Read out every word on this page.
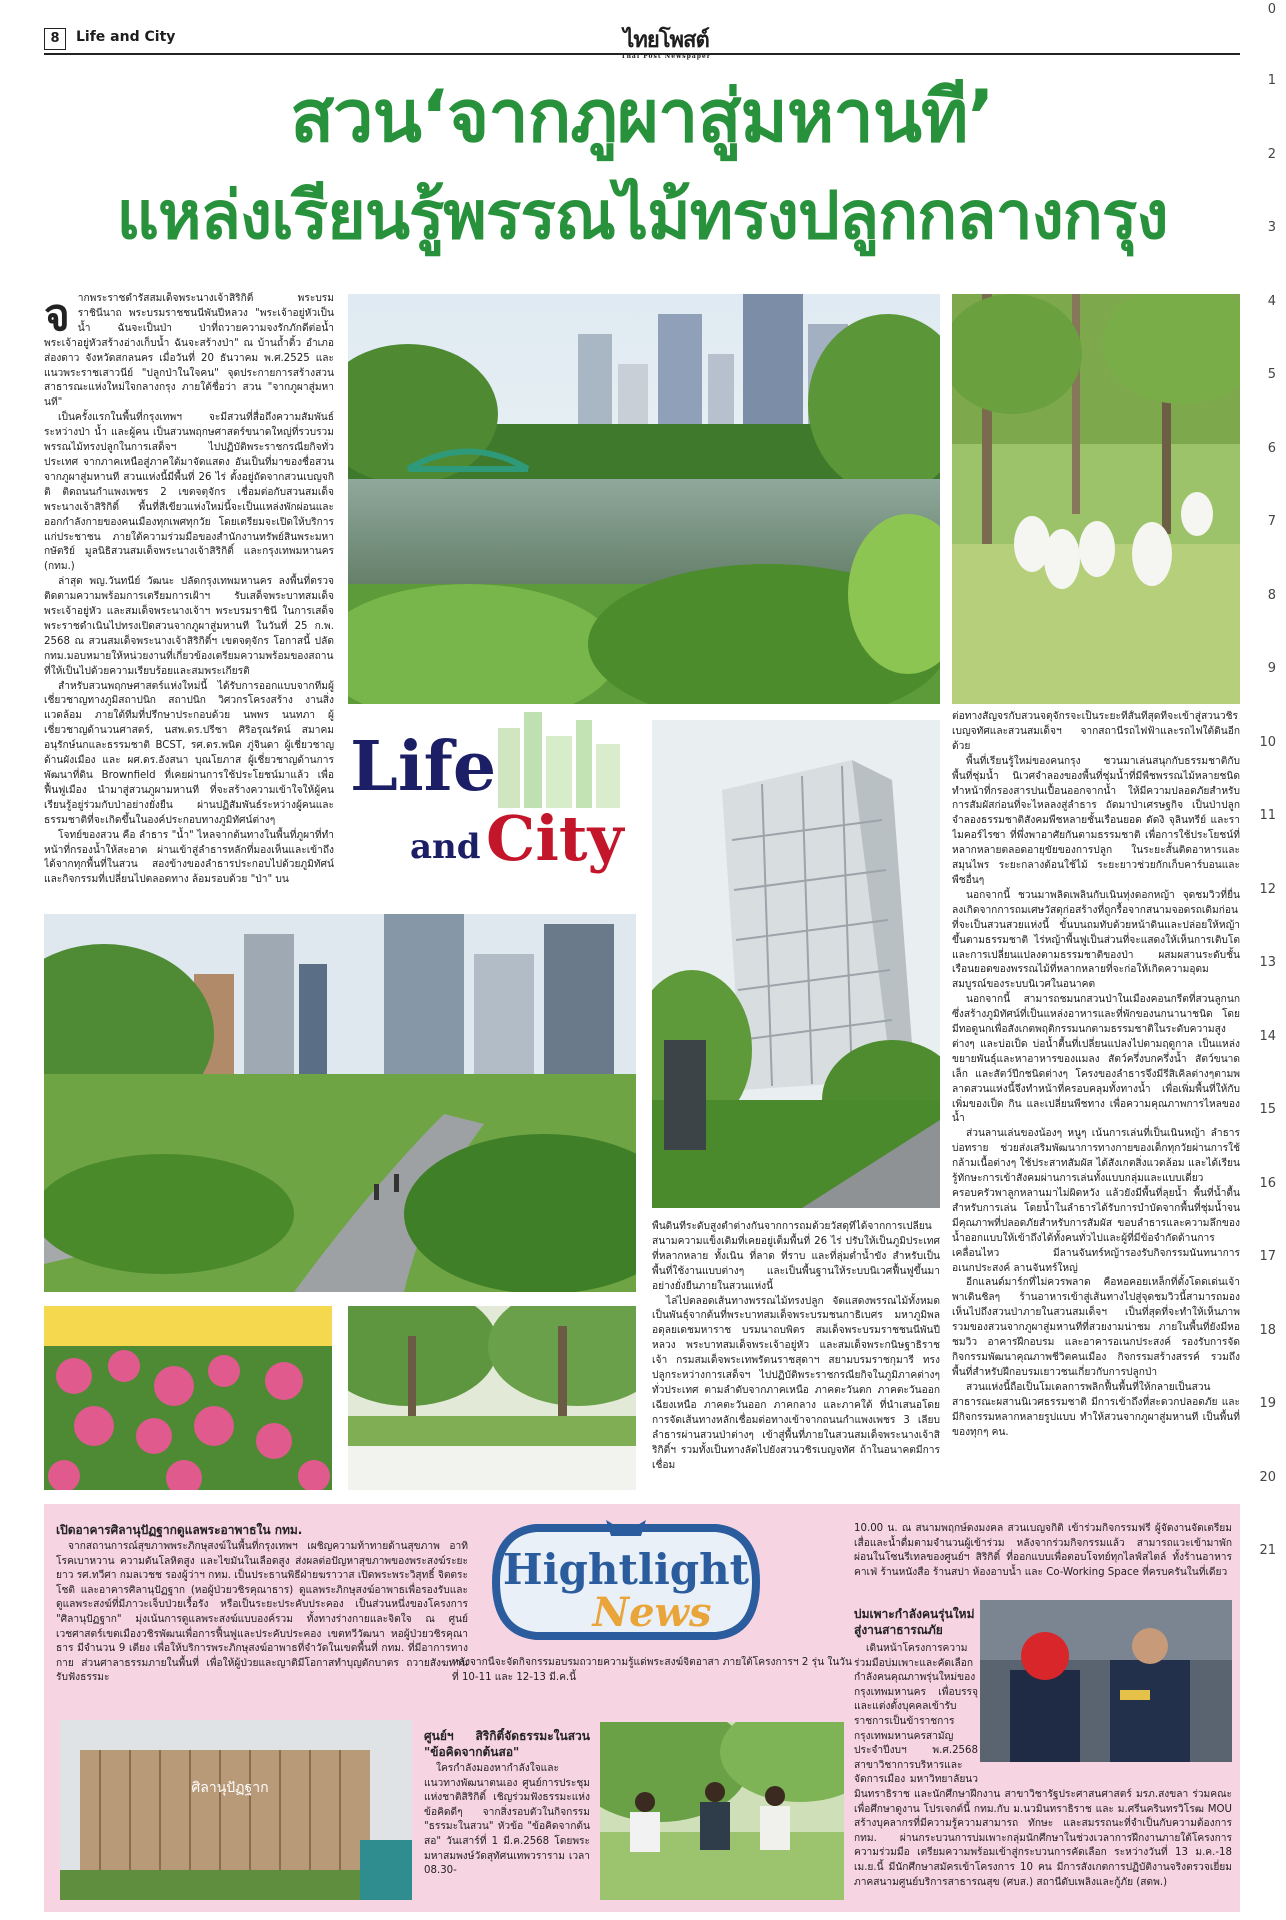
0
1
2
3
4
5
6
7
8
9
10
11
12
13
14
15
16
17
18
19
20
21
8	Life and City	ไทยโพสต์
Thai Post Newspaper
สวน‘จากภูผาสู่มหานที’
แหล่งเรียนรู้พรรณไม้ทรงปลูกกลางกรุง

จากพระราชดำรัสสมเด็จพระนางเจ้าสิริกิติ์ พระบรมราชินีนาถ พระบรมราชชนนีพันปีหลวง "พระเจ้าอยู่หัวเป็นน้ำ ฉันจะเป็นป่า ป่าที่ถวายความจงรักภักดีต่อน้ำพระเจ้าอยู่หัวสร้างอ่างเก็บน้ำ ฉันจะสร้างป่า" ณ บ้านถ้ำติ้ว อำเภอส่องดาว จังหวัดสกลนคร เมื่อวันที่ 20 ธันวาคม พ.ศ.2525 และแนวพระราชเสาวนีย์ "ปลูกป่าในใจคน" จุดประกายการสร้างสวนสาธารณะแห่งใหม่ใจกลางกรุง ภายใต้ชื่อว่า สวน "จากภูผาสู่มหานที"

เป็นครั้งแรกในพื้นที่กรุงเทพฯ จะมีสวนที่สื่อถึงความสัมพันธ์ระหว่างป่า น้ำ และผู้คน เป็นสวนพฤกษศาสตร์ขนาดใหญ่ที่รวบรวมพรรณไม้ทรงปลูกในการเสด็จฯ ไปปฏิบัติพระราชกรณียกิจทั่วประเทศ จากภาคเหนือสู่ภาคใต้มาจัดแสดง อันเป็นที่มาของชื่อสวนจากภูผาสู่มหานที สวนแห่งนี้มีพื้นที่ 26 ไร่ ตั้งอยู่ถัดจากสวนเบญจกิติ ติดถนนกำแพงเพชร 2 เขตจตุจักร เชื่อมต่อกับสวนสมเด็จพระนางเจ้าสิริกิติ์ พื้นที่สีเขียวแห่งใหม่นี้จะเป็นแหล่งพักผ่อนและออกกำลังกายของคนเมืองทุกเพศทุกวัย โดยเตรียมจะเปิดให้บริการแก่ประชาชน ภายใต้ความร่วมมือของสำนักงานทรัพย์สินพระมหากษัตริย์ มูลนิธิสวนสมเด็จพระนางเจ้าสิริกิติ์ และกรุงเทพมหานคร (กทม.)

ล่าสุด พญ.วันทนีย์ วัฒนะ ปลัดกรุงเทพมหานคร ลงพื้นที่ตรวจติดตามความพร้อมการเตรียมการเฝ้าฯ รับเสด็จพระบาทสมเด็จพระเจ้าอยู่หัว และสมเด็จพระนางเจ้าฯ พระบรมราชินี ในการเสด็จพระราชดำเนินไปทรงเปิดสวนจากภูผาสู่มหานที ในวันที่ 25 ก.พ. 2568 ณ สวนสมเด็จพระนางเจ้าสิริกิติ์ฯ เขตจตุจักร โอกาสนี้ ปลัด กทม.มอบหมายให้หน่วยงานที่เกี่ยวข้องเตรียมความพร้อมของสถานที่ให้เป็นไปด้วยความเรียบร้อยและสมพระเกียรติ

สำหรับสวนพฤกษศาสตร์แห่งใหม่นี้ ได้รับการออกแบบจากทีมผู้เชี่ยวชาญทางภูมิสถาปนิก สถาปนิก วิศวกรโครงสร้าง งานสิ่งแวดล้อม ภายใต้ทีมที่ปรึกษาประกอบด้วย นพพร นนทภา ผู้เชี่ยวชาญด้านวนศาสตร์, นสพ.ดร.ปรีชา ศิริอรุณรัตน์ สมาคมอนุรักษ์นกและธรรมชาติ BCST, รศ.ดร.พนิต ภู่จินดา ผู้เชี่ยวชาญด้านผังเมือง และ ผศ.ดร.อังสนา บุณโยภาส ผู้เชี่ยวชาญด้านการพัฒนาที่ดิน Brownfield ที่เคยผ่านการใช้ประโยชน์มาแล้ว เพื่อฟื้นฟูเมือง นำมาสู่สวนภูผามหานที ที่จะสร้างความเข้าใจให้ผู้คนเรียนรู้อยู่ร่วมกับป่าอย่างยั่งยืน ผ่านปฏิสัมพันธ์ระหว่างผู้คนและธรรมชาติที่จะเกิดขึ้นในองค์ประกอบทางภูมิทัศน์ต่างๆ

โจทย์ของสวน คือ ลำธาร "น้ำ" ไหลจากต้นทางในพื้นที่ภูผาที่ทำหน้าที่กรองน้ำให้สะอาด ผ่านเข้าสู่ลำธารหลักที่มองเห็นและเข้าถึงได้จากทุกพื้นที่ในสวน สองข้างของลำธารประกอบไปด้วยภูมิทัศน์และกิจกรรมที่เปลี่ยนไปตลอดทาง ล้อมรอบด้วย "ป่า" บน

Life
and City

พื้นดินที่ระดับสูงต่ำต่างกันจากการถมด้วยวัสดุที่ได้จากการเปลี่ยนสนามความแข็งเดิมที่เคยอยู่เต็มพื้นที่ 26 ไร่ ปรับให้เป็นภูมิประเทศที่หลากหลาย ทั้งเนิน ที่ลาด ที่ราบ และที่ลุ่มต่ำน้ำขัง สำหรับเป็นพื้นที่ใช้งานแบบต่างๆ และเป็นพื้นฐานให้ระบบนิเวศฟื้นฟูขึ้นมาอย่างยั่งยืนภายในสวนแห่งนี้

ไล่ไปตลอดเส้นทางพรรณไม้ทรงปลูก จัดแสดงพรรณไม้ทั้งหมดเป็นพันธุ์จากต้นที่พระบาทสมเด็จพระบรมชนกาธิเบศร มหาภูมิพลอดุลยเดชมหาราช บรมนาถบพิตร สมเด็จพระบรมราชชนนีพันปีหลวง พระบาทสมเด็จพระเจ้าอยู่หัว และสมเด็จพระกนิษฐาธิราชเจ้า กรมสมเด็จพระเทพรัตนราชสุดาฯ สยามบรมราชกุมารี ทรงปลูกระหว่างการเสด็จฯ ไปปฏิบัติพระราชกรณียกิจในภูมิภาคต่างๆ ทั่วประเทศ ตามลำดับจากภาคเหนือ ภาคตะวันตก ภาคตะวันออกเฉียงเหนือ ภาคตะวันออก ภาคกลาง และภาคใต้ ที่นำเสนอโดยการจัดเส้นทางหลักเชื่อมต่อทางเข้าจากถนนกำแพงเพชร 3 เลียบลำธารผ่านสวนป่าต่างๆ เข้าสู่พื้นที่ภายในสวนสมเด็จพระนางเจ้าสิริกิติ์ฯ รวมทั้งเป็นทางลัดไปยังสวนวชิรเบญจทัศ ถ้าในอนาคตมีการเชื่อม

ต่อทางสัญจรกับสวนจตุจักรจะเป็นระยะที่สั้นที่สุดที่จะเข้าสู่สวนวชิรเบญจทัศและสวนสมเด็จฯ จากสถานีรถไฟฟ้าและรถไฟใต้ดินอีกด้วย

พื้นที่เรียนรู้ใหม่ของคนกรุง ชวนมาเล่นสนุกกับธรรมชาติกับพื้นที่ชุ่มน้ำ นิเวศจำลองของพื้นที่ชุ่มน้ำที่มีพืชพรรณไม้หลายชนิดทำหน้าที่กรองสารปนเปื้อนออกจากน้ำ ให้มีความปลอดภัยสำหรับการสัมผัสก่อนที่จะไหลลงสู่ลำธาร ถัดมาป่าเศรษฐกิจ เป็นป่าปลูกจำลองธรรมชาติสังคมพืชหลายชั้นเรือนยอด ดัดงิ จุลินทรีย์ และราไมคอร์ไรซา ที่พึ่งพาอาศัยกันตามธรรมชาติ เพื่อการใช้ประโยชน์ที่หลากหลายตลอดอายุขัยของการปลูก ในระยะสั้นติดอาหารและสมุนไพร ระยะกลางต้อนใช้ไม้ ระยะยาวช่วยกักเก็บคาร์บอนและพืชอื่นๆ

นอกจากนี้ ชวนมาพลิดเพลินกับเนินทุ่งดอกหญ้า จุดชมวิวที่ยื่นลงเกิดจากการถมเศษวัสดุก่อสร้างที่ถูกรื้อจากสนามจอดรถเดิมก่อนที่จะเป็นสวนสวยแห่งนี้ ขั้นบนถมทับด้วยหน้าดินและปล่อยให้หญ้าขึ้นตามธรรมชาติ ไร่หญ้าพื้นฟูเป็นส่วนที่จะแสดงให้เห็นการเติบโตและการเปลี่ยนแปลงตามธรรมชาติของป่า ผสมผสานระดับชั้นเรือนยอดของพรรณไม้ที่หลากหลายที่จะก่อให้เกิดความอุดมสมบูรณ์ของระบบนิเวศในอนาคต

นอกจากนี้ สามารถชมนกสวนป่าในเมืองคอนกรีตที่สวนลูกนก ซึ่งสร้างภูมิทัศน์ที่เป็นแหล่งอาหารและที่พักของนกนานาชนิด โดยมีทอดูนกเพื่อสังเกตพฤติกรรมนกตามธรรมชาติในระดับความสูงต่างๆ และบ่อเป็ด บ่อน้ำตื้นที่เปลี่ยนแปลงไปตามฤดูกาล เป็นแหล่งขยายพันธุ์และหาอาหารของแมลง สัตว์ครึ่งบกครึ่งน้ำ สัตว์ขนาดเล็ก และสัตว์ปีกชนิดต่างๆ โครงของลำธารจึงมีรีสิเคิลต่างๆตามพลาดสวนแห่งนี้จึงทำหน้าที่ครอบคลุมทั้งทางน้ำ เพื่อเพิ่มพื้นที่ให้กับเพิ่มของเป็ด กิน และเปลี่ยนพืชทาง เพื่อความคุณภาพการไหลของน้ำ

ส่วนลานเล่นของน้องๆ หนูๆ เน้นการเล่นที่เป็นเนินหญ้า ลำธาร บ่อทราย ช่วยส่งเสริมพัฒนาการทางกายของเด็กทุกวัยผ่านการใช้กล้ามเนื้อต่างๆ ใช้ประสาทสัมผัส ได้สังเกตสิ่งแวดล้อม และได้เรียนรู้ทักษะการเข้าสังคมผ่านการเล่นทั้งแบบกลุ่มและแบบเดี่ยว ครอบครัวพาลูกหลานมาไม่ผิดหวัง แล้วยังมีพื้นที่ลุยน้ำ พื้นที่น้ำตื้นสำหรับการเล่น โดยน้ำในลำธารได้รับการบำบัดจากพื้นที่ชุ่มน้ำจนมีคุณภาพที่ปลอดภัยสำหรับการสัมผัส ขอบลำธารและความลึกของน้ำออกแบบให้เข้าถึงได้ทั้งคนทั่วไปและผู้ที่มีข้อจำกัดด้านการเคลื่อนไหว มีลานจันทร์หญ้ารองรับกิจกรรมนันทนาการอเนกประสงค์ ลานจันทร์ใหญ่

อีกแลนด์มาร์กที่ไม่ควรพลาด คือหอคอยเหล็กที่ตั้งโดดเด่นเจ้า พาเดินชิลๆ ร้านอาหารเข้าสู่เส้นทางไปสู่จุดชมวิวนี้สามารถมองเห็นไปถึงสวนป่าภายในสวนสมเด็จฯ เป็นที่สุดที่จะทำให้เห็นภาพรวมของสวนจากภูผาสู่มหานทีที่สวยงามน่าชม ภายในพื้นที่ยังมีหอชมวิว อาคารฝึกอบรม และอาคารอเนกประสงค์ รองรับการจัดกิจกรรมพัฒนาคุณภาพชีวิตคนเมือง กิจกรรมสร้างสรรค์ รวมถึงพื้นที่สำหรับฝึกอบรมเยาวชนเกี่ยวกับการปลูกป่า

สวนแห่งนี้ถือเป็นโมเดลการพลิกฟื้นพื้นที่ให้กลายเป็นสวนสาธารณะผสานนิเวศธรรมชาติ มีการเข้าถึงที่สะดวกปลอดภัย และมีกิจกรรมหลากหลายรูปแบบ ทำให้สวนจากภูผาสู่มหานที เป็นพื้นที่ของทุกๆ คน.

เปิดอาคารศิลานุปัฏฐากดูแลพระอาพาธใน กทม.

จากสถานการณ์สุขภาพพระภิกษุสงฆ์ในพื้นที่กรุงเทพฯ เผชิญความท้าทายด้านสุขภาพ อาทิ โรคเบาหวาน ความดันโลหิตสูง และไขมันในเลือดสูง ส่งผลต่อปัญหาสุขภาพของพระสงฆ์ระยะยาว รศ.ทวีศา กมลเวชช รองผู้ว่าฯ กทม. เป็นประธานพิธีฝ่ายฆราวาส เปิดพระพระวิสุทธิ์ จิตตระโชติ และอาคารศิลานุปัฏฐาก (หอผู้ป่วยวชิรคุณาธาร) ดูแลพระภิกษุสงฆ์อาพาธเพื่อรองรับและดูแลพระสงฆ์ที่มีภาวะเจ็บป่วยเรื้อรัง หรือเป็นระยะประคับประคอง เป็นส่วนหนึ่งของโครงการ "ศิลานุปัฏฐาก" มุ่งเน้นการดูแลพระสงฆ์แบบองค์รวม ทั้งทางร่างกายและจิตใจ ณ ศูนย์เวชศาสตร์เขตเมืองวชิรพัฒนเพื่อการฟื้นฟูและประคับประคอง เขตทวีวัฒนา หอผู้ป่วยวชิรคุณาธาร มีจำนวน 9 เตียง เพื่อให้บริการพระภิกษุสงฆ์อาพาธที่จำวัดในเขตพื้นที่ กทม. ที่มีอาการทางกาย ส่วนศาลาธรรมภายในพื้นที่ เพื่อให้ผู้ป่วยและญาติมีโอกาสทำบุญตักบาตร ถวายสังฆทาน รับฟังธรรมะ

Hightlight
News

หลังจากนี้จะจัดกิจกรรมอบรมถวายความรู้แด่พระสงฆ์จิตอาสา ภายใต้โครงการฯ 2 รุ่น ในวันที่ 10-11 และ 12-13 มี.ค.นี้

ศิลานุปัฏฐาก

ศูนย์ฯ สิริกิติ์จัดธรรมะในสวน "ข้อคิดจากต้นสอ"

ใครกำลังมองหากำลังใจและแนวทางพัฒนาตนเอง ศูนย์การประชุมแห่งชาติสิริกิติ์ เชิญร่วมฟังธรรมะแห่งข้อคิดดีๆ จากสิ่งรอบตัวในกิจกรรม "ธรรมะในสวน" หัวข้อ "ข้อคิดจากต้นสอ" วันเสาร์ที่ 1 มี.ค.2568 โดยพระมหาสมพงษ์วัดสุทัศนเทพวราราม เวลา 08.30-

10.00 น. ณ สนามพฤกษ์ดงมงคล สวนเบญจกิติ เข้าร่วมกิจกรรมฟรี ผู้จัดงานจัดเตรียมเสื่อและน้ำดื่มตามจำนวนผู้เข้าร่วม หลังจากร่วมกิจกรรมแล้ว สามารถแวะเข้ามาพักผ่อนในโซนรีเทลของศูนย์ฯ สิริกิติ์ ที่ออกแบบเพื่อตอบโจทย์ทุกไลฟ์สไตล์ ทั้งร้านอาหาร คาเฟ่ ร้านหนังสือ ร้านสปา ห้องอาบน้ำ และ Co-Working Space ที่ครบครันในที่เดียว

บ่มเพาะกำลังคนรุ่นใหม่สู่งานสาธารณภัย

เดินหน้าโครงการความร่วมมือบ่มเพาะและคัดเลือกกำลังคนคุณภาพรุ่นใหม่ของกรุงเทพมหานคร เพื่อบรรจุและแต่งตั้งบุคคลเข้ารับราชการเป็นข้าราชการกรุงเทพมหานครสามัญประจำปีงบฯ พ.ศ.2568 สาขาวิชาการบริหารและจัดการเมือง มหาวิทยาลัยนวมินทราธิราช และนักศึกษาฝึกงาน สาขาวิชารัฐประศาสนศาสตร์ มรภ.สงขลา ร่วมคณะเพื่อศึกษาดูงาน โปรเจกต์นี้ กทม.กับ ม.นวมินทราธิราช และ ม.ศรีนครินทรวิโรฒ MOU สร้างบุคลากรที่มีความรู้ความสามารถ ทักษะ และสมรรถนะที่จำเป็นกับความต้องการ กทม. ผ่านกระบวนการบ่มเพาะกลุ่มนักศึกษาในช่วงเวลาการฝึกงานภายใต้โครงการความร่วมมือ เตรียมความพร้อมเข้าสู่กระบวนการคัดเลือก ระหว่างวันที่ 13 ม.ค.-18 เม.ย.นี้ มีนักศึกษาสมัครเข้าโครงการ 10 คน มีการสังเกตการปฏิบัติงานจริงตรวจเยี่ยมภาคสนามศูนย์บริการสาธารณสุข (ศบส.) สถานีดับเพลิงและกู้ภัย (สดพ.)
